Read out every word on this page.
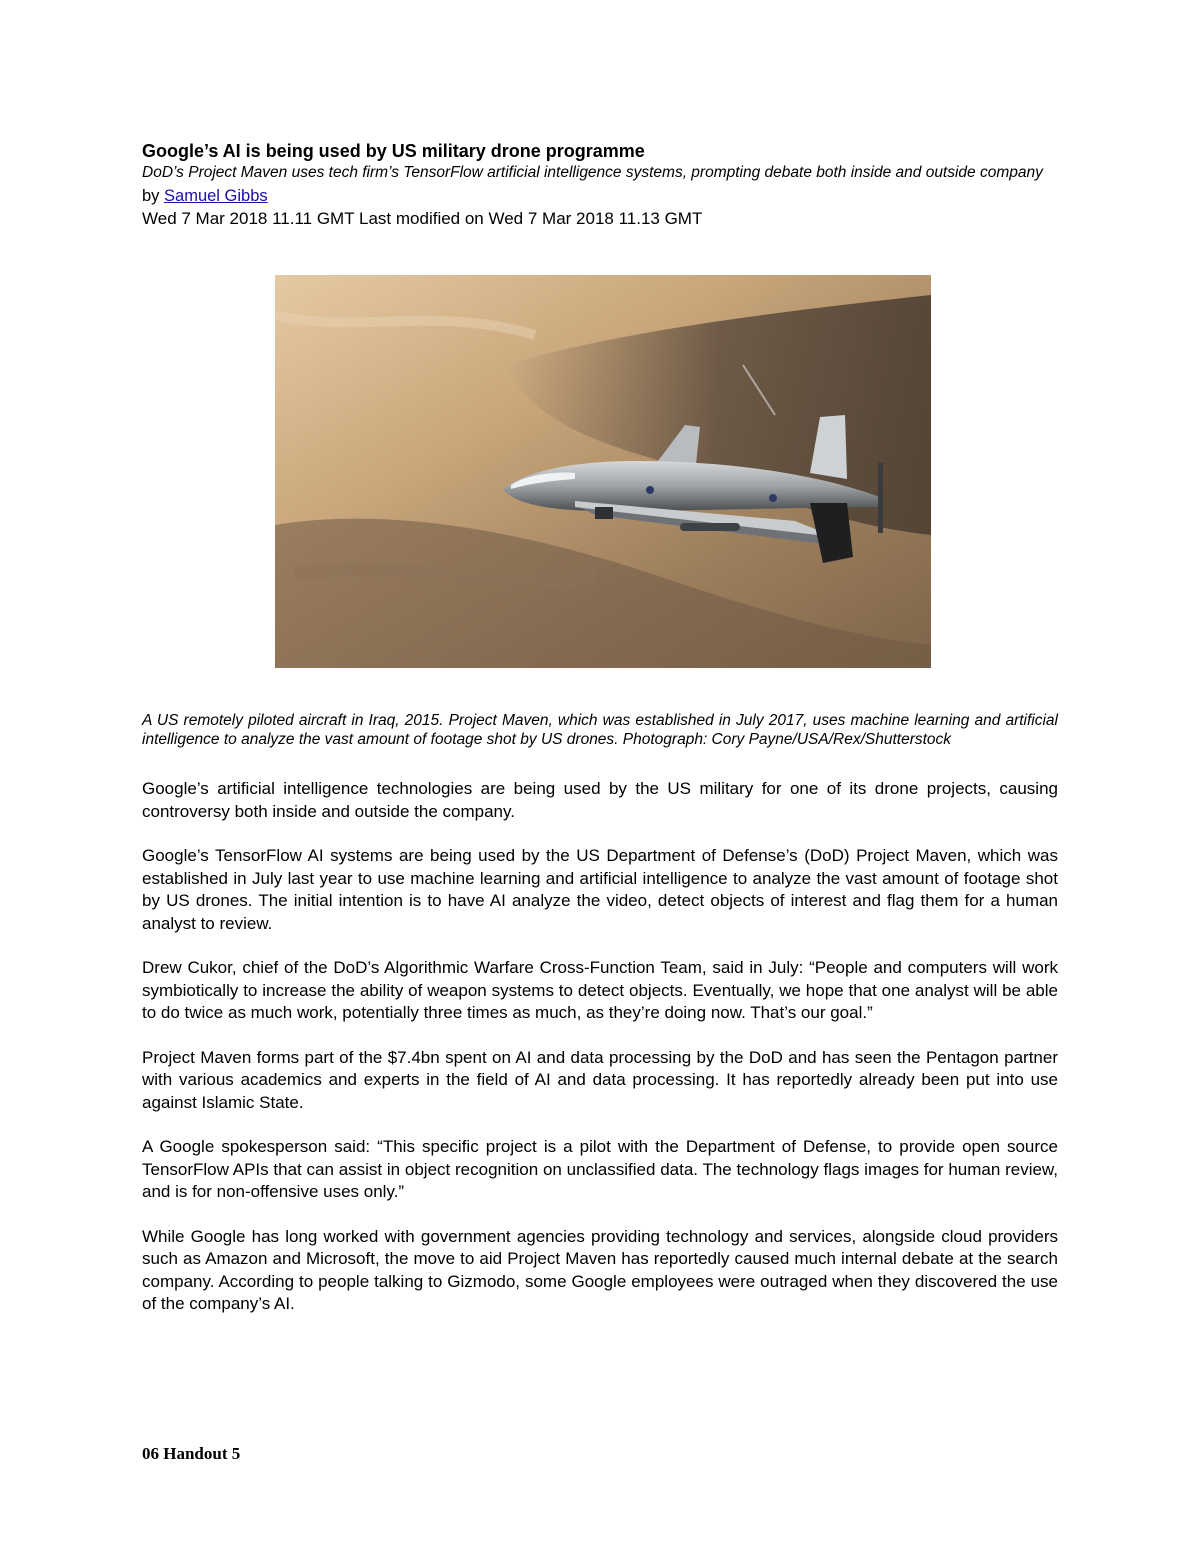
Google’s AI is being used by US military drone programme

DoD’s Project Maven uses tech firm’s TensorFlow artificial intelligence systems, prompting debate both inside and outside company

by Samuel Gibbs

Wed 7 Mar 2018 11.11 GMT Last modified on Wed 7 Mar 2018 11.13 GMT

A US remotely piloted aircraft in Iraq, 2015. Project Maven, which was established in July 2017, uses machine learning and artificial intelligence to analyze the vast amount of footage shot by US drones. Photograph: Cory Payne/USA/Rex/Shutterstock

Google’s artificial intelligence technologies are being used by the US military for one of its drone projects, causing controversy both inside and outside the company.

Google’s TensorFlow AI systems are being used by the US Department of Defense’s (DoD) Project Maven, which was established in July last year to use machine learning and artificial intelligence to analyze the vast amount of footage shot by US drones. The initial intention is to have AI analyze the video, detect objects of interest and flag them for a human analyst to review.

Drew Cukor, chief of the DoD’s Algorithmic Warfare Cross-Function Team, said in July: “People and computers will work symbiotically to increase the ability of weapon systems to detect objects. Eventually, we hope that one analyst will be able to do twice as much work, potentially three times as much, as they’re doing now. That’s our goal.”

Project Maven forms part of the $7.4bn spent on AI and data processing by the DoD and has seen the Pentagon partner with various academics and experts in the field of AI and data processing. It has reportedly already been put into use against Islamic State.

A Google spokesperson said: “This specific project is a pilot with the Department of Defense, to provide open source TensorFlow APIs that can assist in object recognition on unclassified data. The technology flags images for human review, and is for non-offensive uses only.”

While Google has long worked with government agencies providing technology and services, alongside cloud providers such as Amazon and Microsoft, the move to aid Project Maven has reportedly caused much internal debate at the search company. According to people talking to Gizmodo, some Google employees were outraged when they discovered the use of the company’s AI.

06 Handout 5
